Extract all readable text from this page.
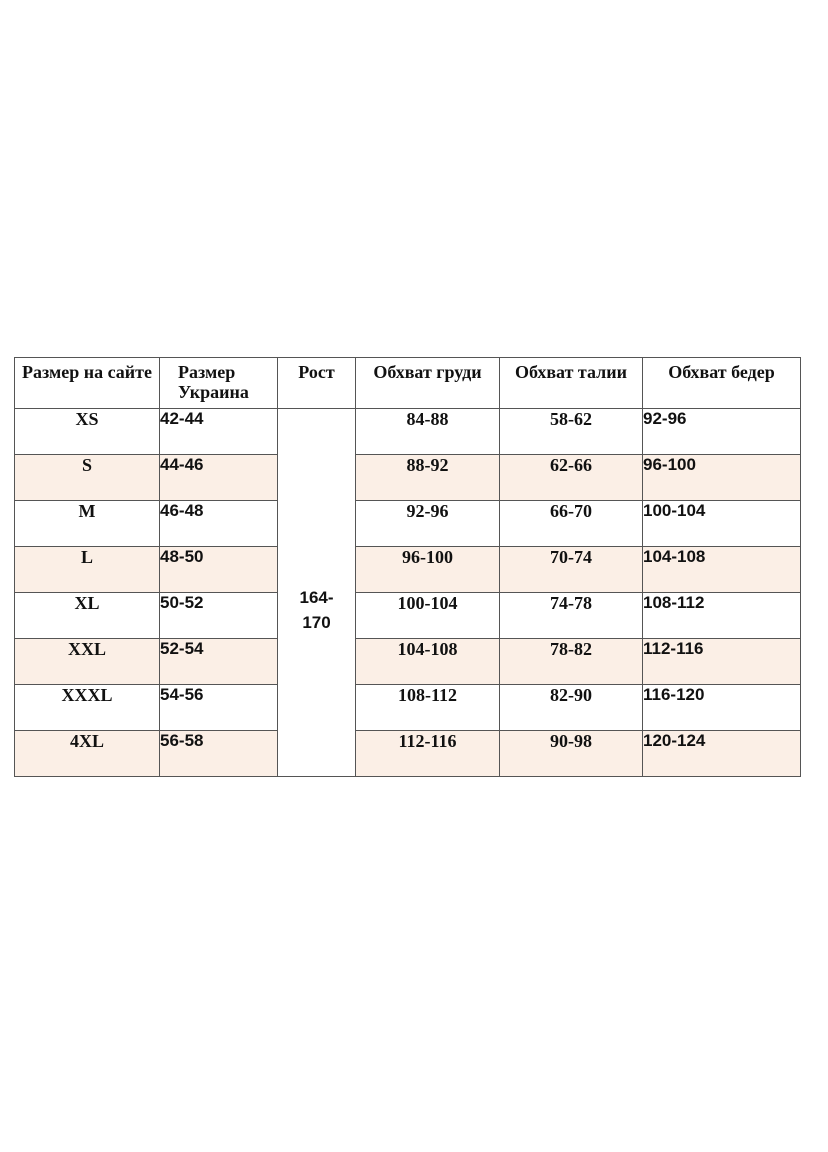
Размер на сайте	Размер Украина	Рост	Обхват груди	Обхват талии	Обхват бедер
XS	42-44	164-170	84-88	58-62	92-96
S	44-46		88-92	62-66	96-100
M	46-48		92-96	66-70	100-104
L	48-50		96-100	70-74	104-108
XL	50-52		100-104	74-78	108-112
XXL	52-54		104-108	78-82	112-116
XXXL	54-56		108-112	82-90	116-120
4XL	56-58		112-116	90-98	120-124
